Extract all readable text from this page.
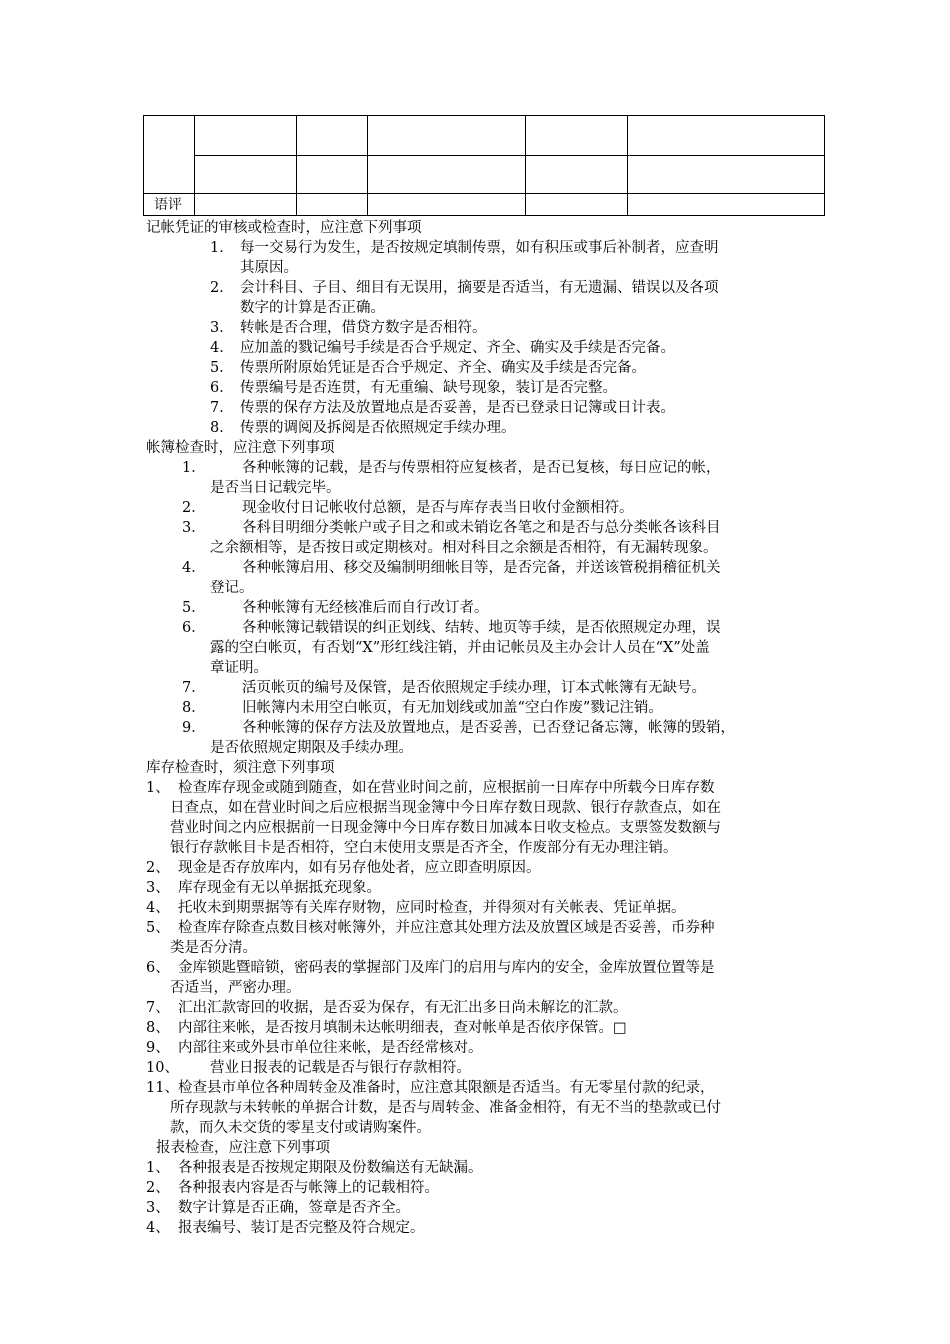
语评					
记帐凭证的审核或检查时，应注意下列事项
1． 每一交易行为发生，是否按规定填制传票，如有积压或事后补制者，应查明
其原因。
2． 会计科目、子目、细目有无误用，摘要是否适当，有无遗漏、错误以及各项
数字的计算是否正确。
3． 转帐是否合理，借贷方数字是否相符。
4． 应加盖的戮记编号手续是否合乎规定、齐全、确实及手续是否完备。
5． 传票所附原始凭证是否合乎规定、齐全、确实及手续是否完备。
6． 传票编号是否连贯，有无重编、缺号现象，装订是否完整。
7． 传票的保存方法及放置地点是否妥善，是否已登录日记簿或日计表。
8． 传票的调阅及拆阅是否依照规定手续办理。
帐簿检查时，应注意下列事项
1．	各种帐簿的记载，是否与传票相符应复核者，是否已复核，每日应记的帐，
是否当日记载完毕。
2．	现金收付日记帐收付总额，是否与库存表当日收付金额相符。
3．	各科目明细分类帐户或子目之和或未销讫各笔之和是否与总分类帐各该科目
之余额相等，是否按日或定期核对。相对科目之余额是否相符，有无漏转现象。
4．	各种帐簿启用、移交及编制明细帐目等，是否完备，并送该管税捐稽征机关
登记。
5．	各种帐簿有无经核准后而自行改订者。
6．	各种帐簿记载错误的纠正划线、结转、地页等手续，是否依照规定办理，误
露的空白帐页，有否划“X”形红线注销，并由记帐员及主办会计人员在“X”处盖
章证明。
7．	活页帐页的编号及保管，是否依照规定手续办理，订本式帐簿有无缺号。
8．	旧帐簿内未用空白帐页，有无加划线或加盖“空白作废”戮记注销。
9．	各种帐簿的保存方法及放置地点，是否妥善，已否登记备忘簿，帐簿的毁销，
是否依照规定期限及手续办理。
库存检查时，须注意下列事项
1、 检查库存现金或随到随查，如在营业时间之前，应根据前一日库存中所载今日库存数
日查点，如在营业时间之后应根据当现金簿中今日库存数日现款、银行存款查点，如在
营业时间之内应根据前一日现金簿中今日库存数日加减本日收支检点。支票签发数额与
银行存款帐目卡是否相符，空白末使用支票是否齐全，作废部分有无办理注销。
2、 现金是否存放库内，如有另存他处者，应立即查明原因。
3、 库存现金有无以单据抵充现象。
4、 托收未到期票据等有关库存财物，应同时检查，并得须对有关帐表、凭证单据。
5、 检查库存除查点数目核对帐簿外，并应注意其处理方法及放置区域是否妥善，币券种
类是否分清。
6、 金库锁匙暨暗锁，密码表的掌握部门及库门的启用与库内的安全，金库放置位置等是
否适当，严密办理。
7、 汇出汇款寄回的收据，是否妥为保存，有无汇出多日尚未解讫的汇款。
8、 内部往来帐，是否按月填制未达帐明细表，查对帐单是否依序保管。□
9、 内部往来或外县市单位往来帐，是否经常核对。
10、 营业日报表的记载是否与银行存款相符。
11、 检查县市单位各种周转金及准备时，应注意其限额是否适当。有无零星付款的纪录，
所存现款与未转帐的单据合计数，是否与周转金、准备金相符，有无不当的垫款或已付
款，而久未交货的零星支付或请购案件。
报表检查，应注意下列事项
1、 各种报表是否按规定期限及份数编送有无缺漏。
2、 各种报表内容是否与帐簿上的记载相符。
3、 数字计算是否正确，签章是否齐全。
4、 报表编号、装订是否完整及符合规定。
